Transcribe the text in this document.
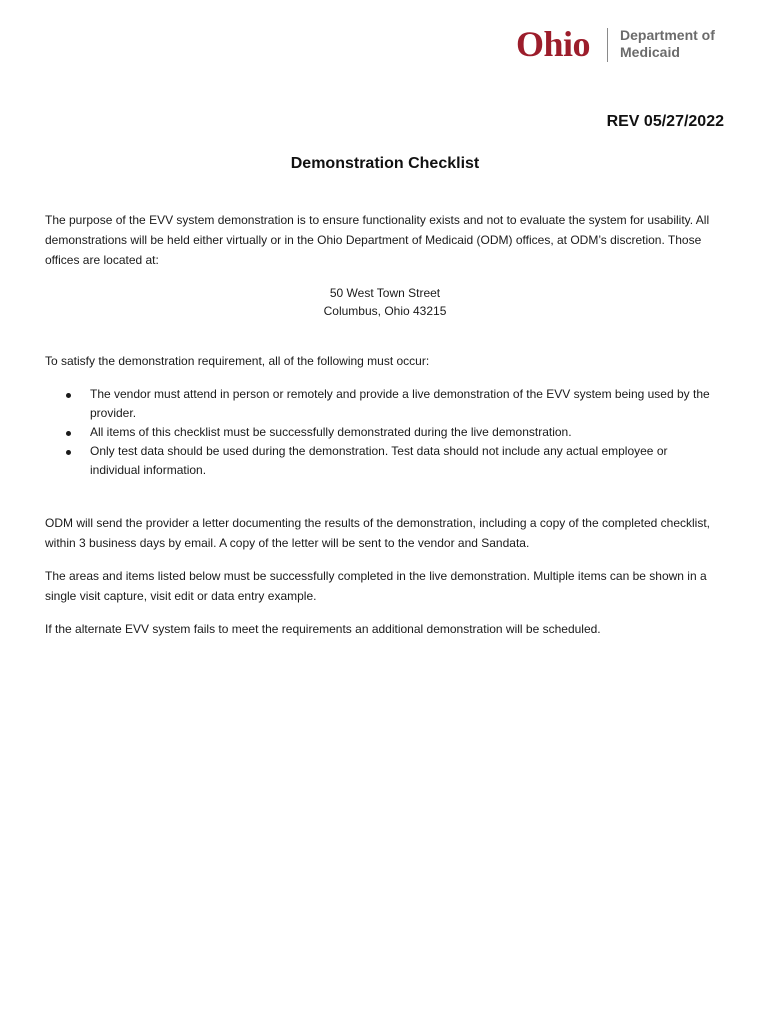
Ohio Department of
Medicaid
REV 05/27/2022
Demonstration Checklist
The purpose of the EVV system demonstration is to ensure functionality exists and not to evaluate the system for usability. All demonstrations will be held either virtually or in the Ohio Department of Medicaid (ODM) offices, at ODM’s discretion. Those offices are located at:
50 West Town Street
Columbus, Ohio 43215
To satisfy the demonstration requirement, all of the following must occur:
The vendor must attend in person or remotely and provide a live demonstration of the EVV system being used by the provider.
All items of this checklist must be successfully demonstrated during the live demonstration.
Only test data should be used during the demonstration. Test data should not include any actual employee or individual information.
ODM will send the provider a letter documenting the results of the demonstration, including a copy of the completed checklist, within 3 business days by email. A copy of the letter will be sent to the vendor and Sandata.
The areas and items listed below must be successfully completed in the live demonstration. Multiple items can be shown in a single visit capture, visit edit or data entry example.
If the alternate EVV system fails to meet the requirements an additional demonstration will be scheduled.
